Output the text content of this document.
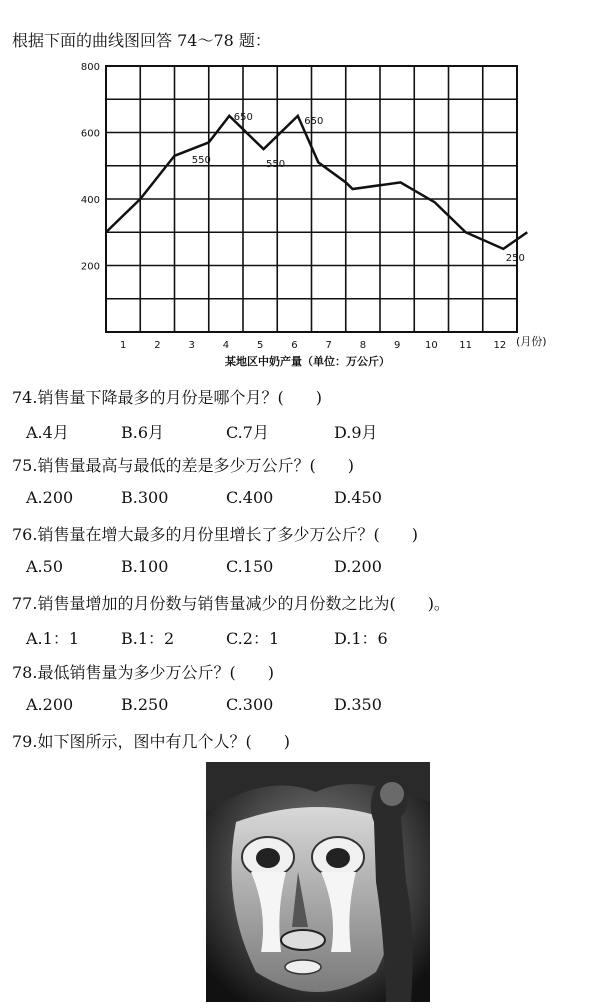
根据下面的曲线图回答 74～78 题：
200
400
600
800
1	2	3	4	5	6	7	8	9 10 11 12
650
550	550
650
250
(月份)
某地区中奶产量（单位：万公斤）
74.销售量下降最多的月份是哪个月？(　　)
A.4月	B.6月	C.7月	D.9月
75.销售量最高与最低的差是多少万公斤？(　　)
A.200	B.300	C.400	D.450
76.销售量在增大最多的月份里增长了多少万公斤？(　　)
A.50	B.100	C.150	D.200
77.销售量增加的月份数与销售量减少的月份数之比为(　　)。
A.1：1	B.1：2	C.2：1	D.1：6
78.最低销售量为多少万公斤？(　　)
A.200	B.250	C.300	D.350
79.如下图所示，图中有几个人？(　　)
